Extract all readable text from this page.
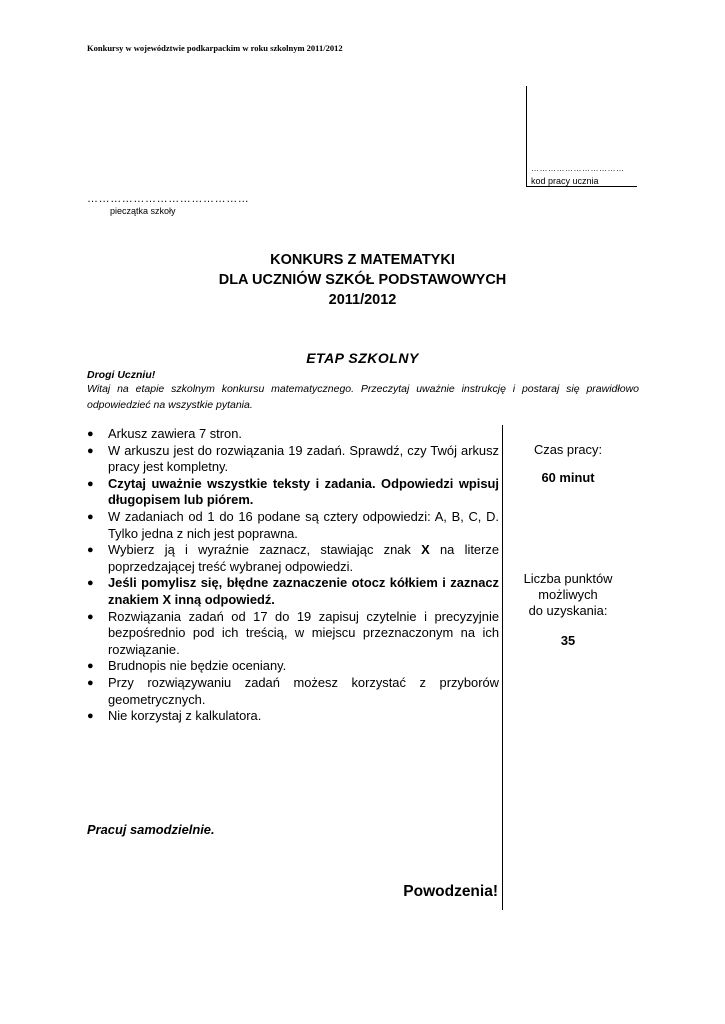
Konkursy w województwie podkarpackim w roku szkolnym 2011/2012
……………………………
kod pracy ucznia
……………………………………
pieczątka szkoły
KONKURS Z MATEMATYKI
DLA UCZNIÓW SZKÓŁ PODSTAWOWYCH
2011/2012
ETAP SZKOLNY
Drogi Uczniu!
Witaj na etapie szkolnym konkursu matematycznego. Przeczytaj uważnie instrukcję i postaraj się prawidłowo odpowiedzieć na wszystkie pytania.
● Arkusz zawiera 7 stron.
● W arkuszu jest do rozwiązania 19 zadań. Sprawdź, czy Twój arkusz pracy jest kompletny.
● Czytaj uważnie wszystkie teksty i zadania. Odpowiedzi wpisuj długopisem lub piórem.
● W zadaniach od 1 do 16 podane są cztery odpowiedzi: A, B, C, D. Tylko jedna z nich jest poprawna.
● Wybierz ją i wyraźnie zaznacz, stawiając znak X na literze poprzedzającej treść wybranej odpowiedzi.
● Jeśli pomylisz się, błędne zaznaczenie otocz kółkiem i zaznacz znakiem X inną odpowiedź.
● Rozwiązania zadań od 17 do 19 zapisuj czytelnie i precyzyjnie bezpośrednio pod ich treścią, w miejscu przeznaczonym na ich rozwiązanie.
● Brudnopis nie będzie oceniany.
● Przy rozwiązywaniu zadań możesz korzystać z przyborów geometrycznych.
● Nie korzystaj z kalkulatora.
Czas pracy:
60 minut
Liczba punktów
możliwych
do uzyskania:
35
Pracuj samodzielnie.
Powodzenia!
